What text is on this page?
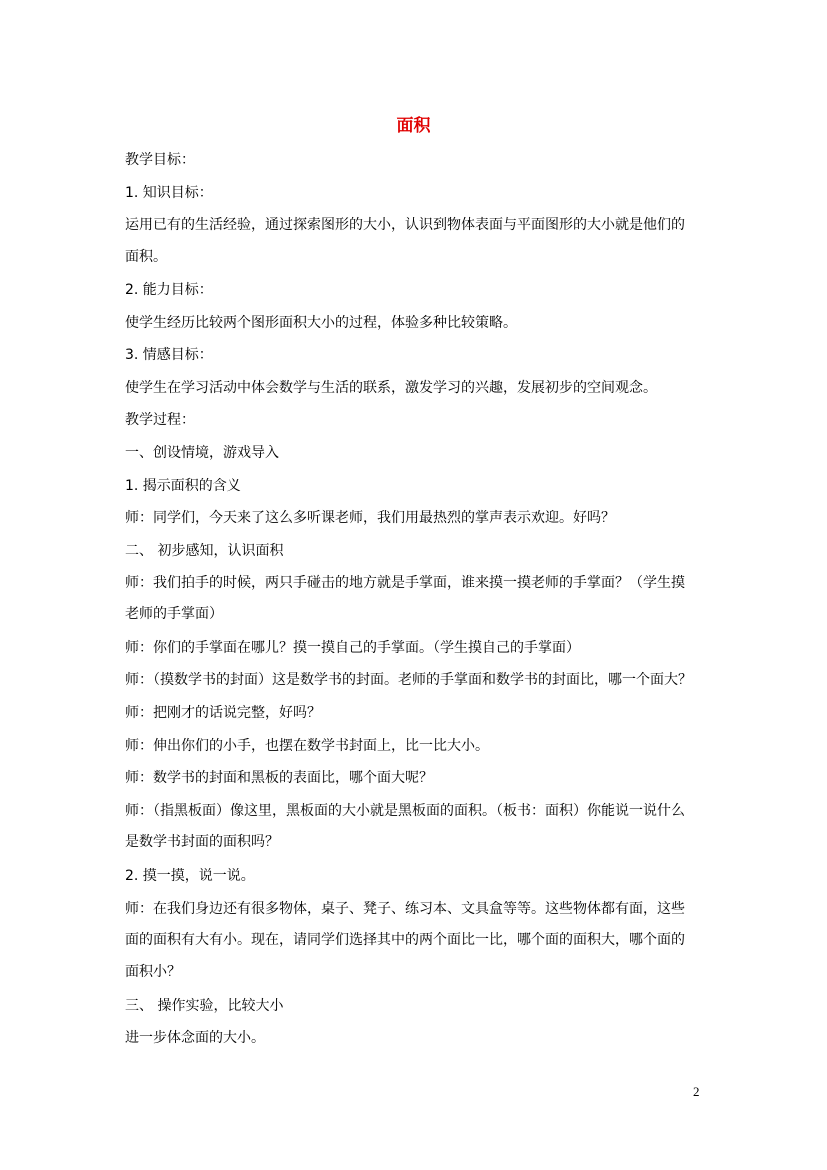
面积
教学目标：
1. 知识目标：
运用已有的生活经验，通过探索图形的大小，认识到物体表面与平面图形的大小就是他们的
面积。
2. 能力目标：
使学生经历比较两个图形面积大小的过程，体验多种比较策略。
3. 情感目标：
使学生在学习活动中体会数学与生活的联系，激发学习的兴趣，发展初步的空间观念。
教学过程：
一、创设情境，游戏导入
1. 揭示面积的含义
师：同学们，今天来了这么多听课老师，我们用最热烈的掌声表示欢迎。好吗？
二、 初步感知，认识面积
师：我们拍手的时候，两只手碰击的地方就是手掌面，谁来摸一摸老师的手掌面？（学生摸
老师的手掌面）
师：你们的手掌面在哪儿？摸一摸自己的手掌面。（学生摸自己的手掌面）
师：（摸数学书的封面）这是数学书的封面。老师的手掌面和数学书的封面比，哪一个面大？
师：把刚才的话说完整，好吗？
师：伸出你们的小手，也摆在数学书封面上，比一比大小。
师：数学书的封面和黑板的表面比，哪个面大呢？
师：（指黑板面）像这里，黑板面的大小就是黑板面的面积。（板书：面积）你能说一说什么
是数学书封面的面积吗？
2. 摸一摸，说一说。
师：在我们身边还有很多物体，桌子、凳子、练习本、文具盒等等。这些物体都有面，这些
面的面积有大有小。现在，请同学们选择其中的两个面比一比，哪个面的面积大，哪个面的
面积小？
三、 操作实验，比较大小
进一步体念面的大小。
2
